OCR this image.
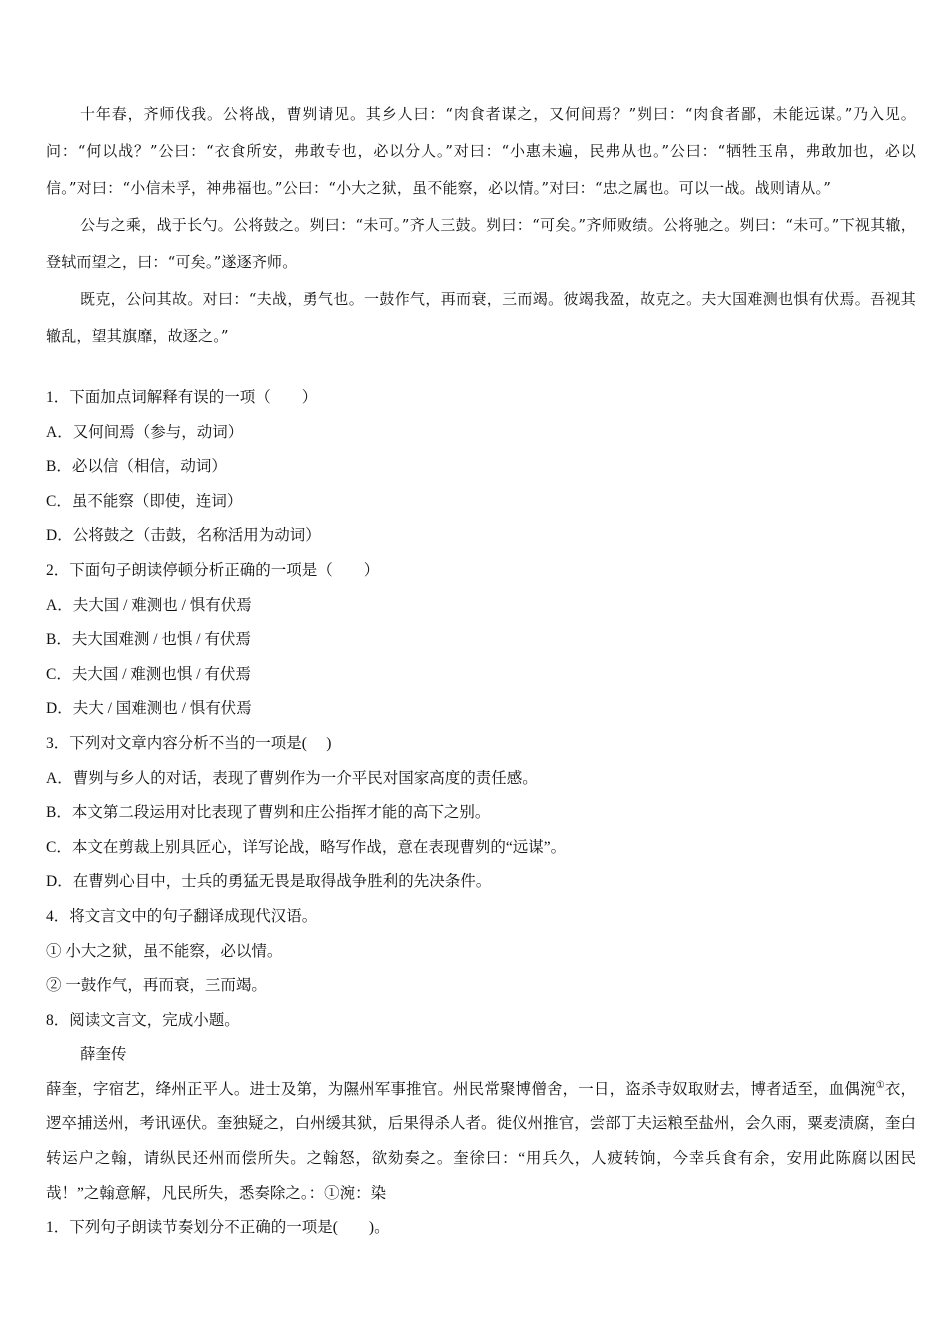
十年春，齐师伐我。公将战，曹刿请见。其乡人曰：“肉食者谋之，又何间焉？”刿曰：“肉食者鄙，未能远谋。”乃入见。问：“何以战？”公曰：“衣食所安，弗敢专也，必以分人。”对曰：“小惠未遍，民弗从也。”公曰：“牺牲玉帛，弗敢加也，必以信。”对曰：“小信未孚，神弗福也。”公曰：“小大之狱，虽不能察，必以情。”对曰：“忠之属也。可以一战。战则请从。”

公与之乘，战于长勺。公将鼓之。刿曰：“未可。”齐人三鼓。刿曰：“可矣。”齐师败绩。公将驰之。刿曰：“未可。”下视其辙，登轼而望之，曰：“可矣。”遂逐齐师。

既克，公问其故。对曰：“夫战，勇气也。一鼓作气，再而衰，三而竭。彼竭我盈，故克之。夫大国难测也惧有伏焉。吾视其辙乱，望其旗靡，故逐之。”

1．下面加点词解释有误的一项（　　）

A．又何间焉（参与，动词）

B．必以信（相信，动词）

C．虽不能察（即使，连词）

D．公将鼓之（击鼓，名称活用为动词）

2．下面句子朗读停顿分析正确的一项是（　　）

A．夫大国 / 难测也 / 惧有伏焉

B．夫大国难测 / 也惧 / 有伏焉

C．夫大国 / 难测也惧 / 有伏焉

D．夫大 / 国难测也 / 惧有伏焉

3．下列对文章内容分析不当的一项是(　 )

A．曹刿与乡人的对话，表现了曹刿作为一介平民对国家高度的责任感。

B．本文第二段运用对比表现了曹刿和庄公指挥才能的高下之别。

C．本文在剪裁上别具匠心，详写论战，略写作战，意在表现曹刿的“远谋”。

D．在曹刿心目中，士兵的勇猛无畏是取得战争胜利的先决条件。

4．将文言文中的句子翻译成现代汉语。

① 小大之狱，虽不能察，必以情。

② 一鼓作气，再而衰，三而竭。

8．阅读文言文，完成小题。

薛奎传

薛奎，字宿艺，绛州正平人。进士及第，为隰州军事推官。州民常聚博僧舍，一日，盗杀寺奴取财去，博者适至，血偶涴①衣，逻卒捕送州，考讯诬伏。奎独疑之，白州缓其狱，后果得杀人者。徙仪州推官，尝部丁夫运粮至盐州，会久雨，粟麦渍腐，奎白转运户之翰，请纵民还州而偿所失。之翰怒，欲劾奏之。奎徐曰：“用兵久，人疲转饷，今幸兵食有余，安用此陈腐以困民哉！”之翰意解，凡民所失，悉奏除之。：①涴：染

1．下列句子朗读节奏划分不正确的一项是(　　)。
